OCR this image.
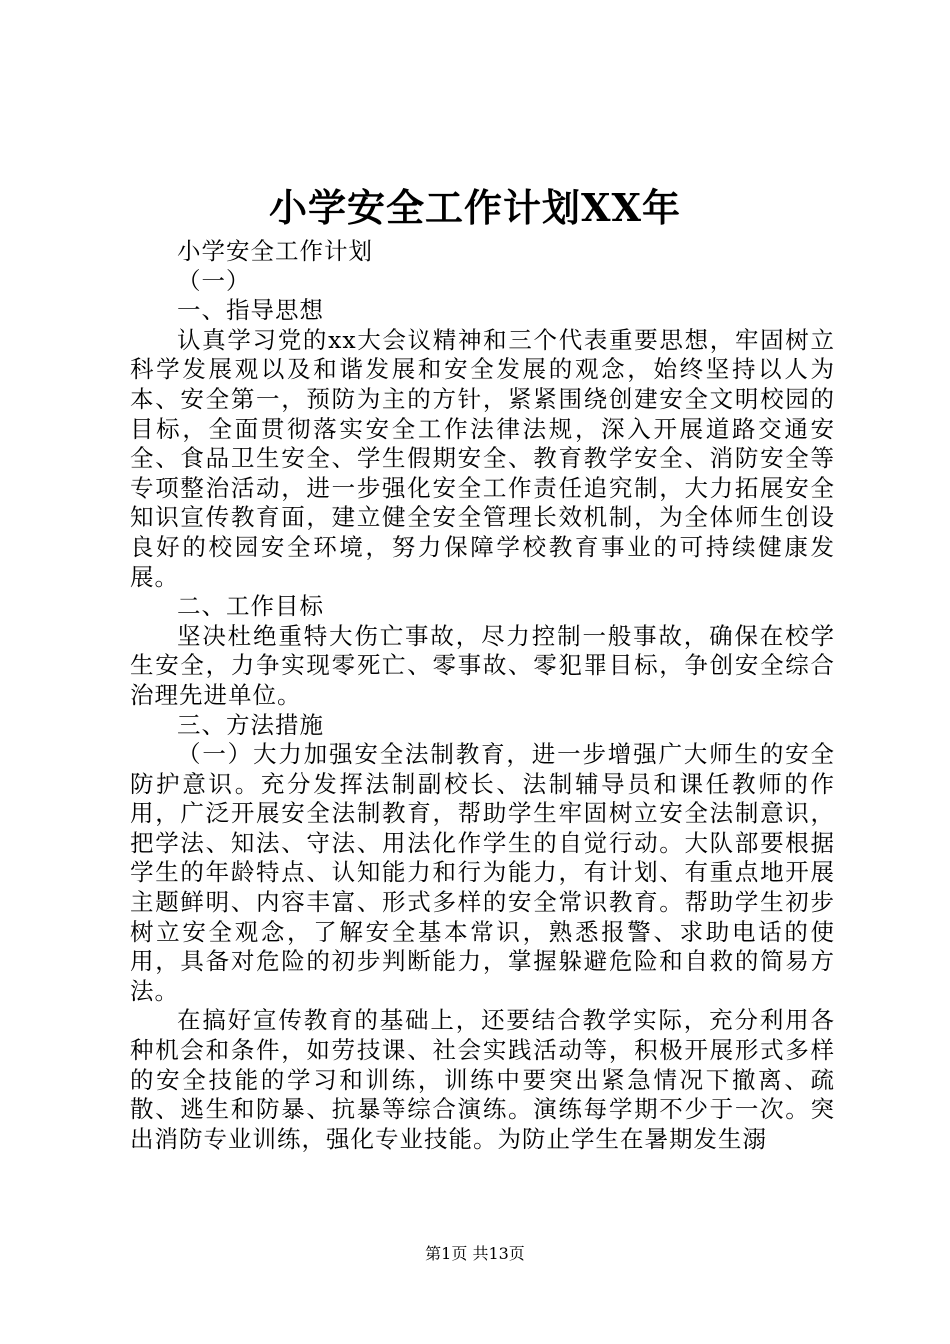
小学安全工作计划XX年

小学安全工作计划

（一）

一、指导思想

认真学习党的xx大会议精神和三个代表重要思想，牢固树立科学发展观以及和谐发展和安全发展的观念，始终坚持以人为本、安全第一，预防为主的方针，紧紧围绕创建安全文明校园的目标，全面贯彻落实安全工作法律法规，深入开展道路交通安全、食品卫生安全、学生假期安全、教育教学安全、消防安全等专项整治活动，进一步强化安全工作责任追究制，大力拓展安全知识宣传教育面，建立健全安全管理长效机制，为全体师生创设良好的校园安全环境，努力保障学校教育事业的可持续健康发展。

二、工作目标

坚决杜绝重特大伤亡事故，尽力控制一般事故，确保在校学生安全，力争实现零死亡、零事故、零犯罪目标，争创安全综合治理先进单位。

三、方法措施

（一）大力加强安全法制教育，进一步增强广大师生的安全防护意识。充分发挥法制副校长、法制辅导员和课任教师的作用，广泛开展安全法制教育，帮助学生牢固树立安全法制意识，把学法、知法、守法、用法化作学生的自觉行动。大队部要根据学生的年龄特点、认知能力和行为能力，有计划、有重点地开展主题鲜明、内容丰富、形式多样的安全常识教育。帮助学生初步树立安全观念，了解安全基本常识，熟悉报警、求助电话的使用，具备对危险的初步判断能力，掌握躲避危险和自救的简易方法。

在搞好宣传教育的基础上，还要结合教学实际，充分利用各种机会和条件，如劳技课、社会实践活动等，积极开展形式多样的安全技能的学习和训练，训练中要突出紧急情况下撤离、疏散、逃生和防暴、抗暴等综合演练。演练每学期不少于一次。突出消防专业训练，强化专业技能。为防止学生在暑期发生溺

第1页 共13页
